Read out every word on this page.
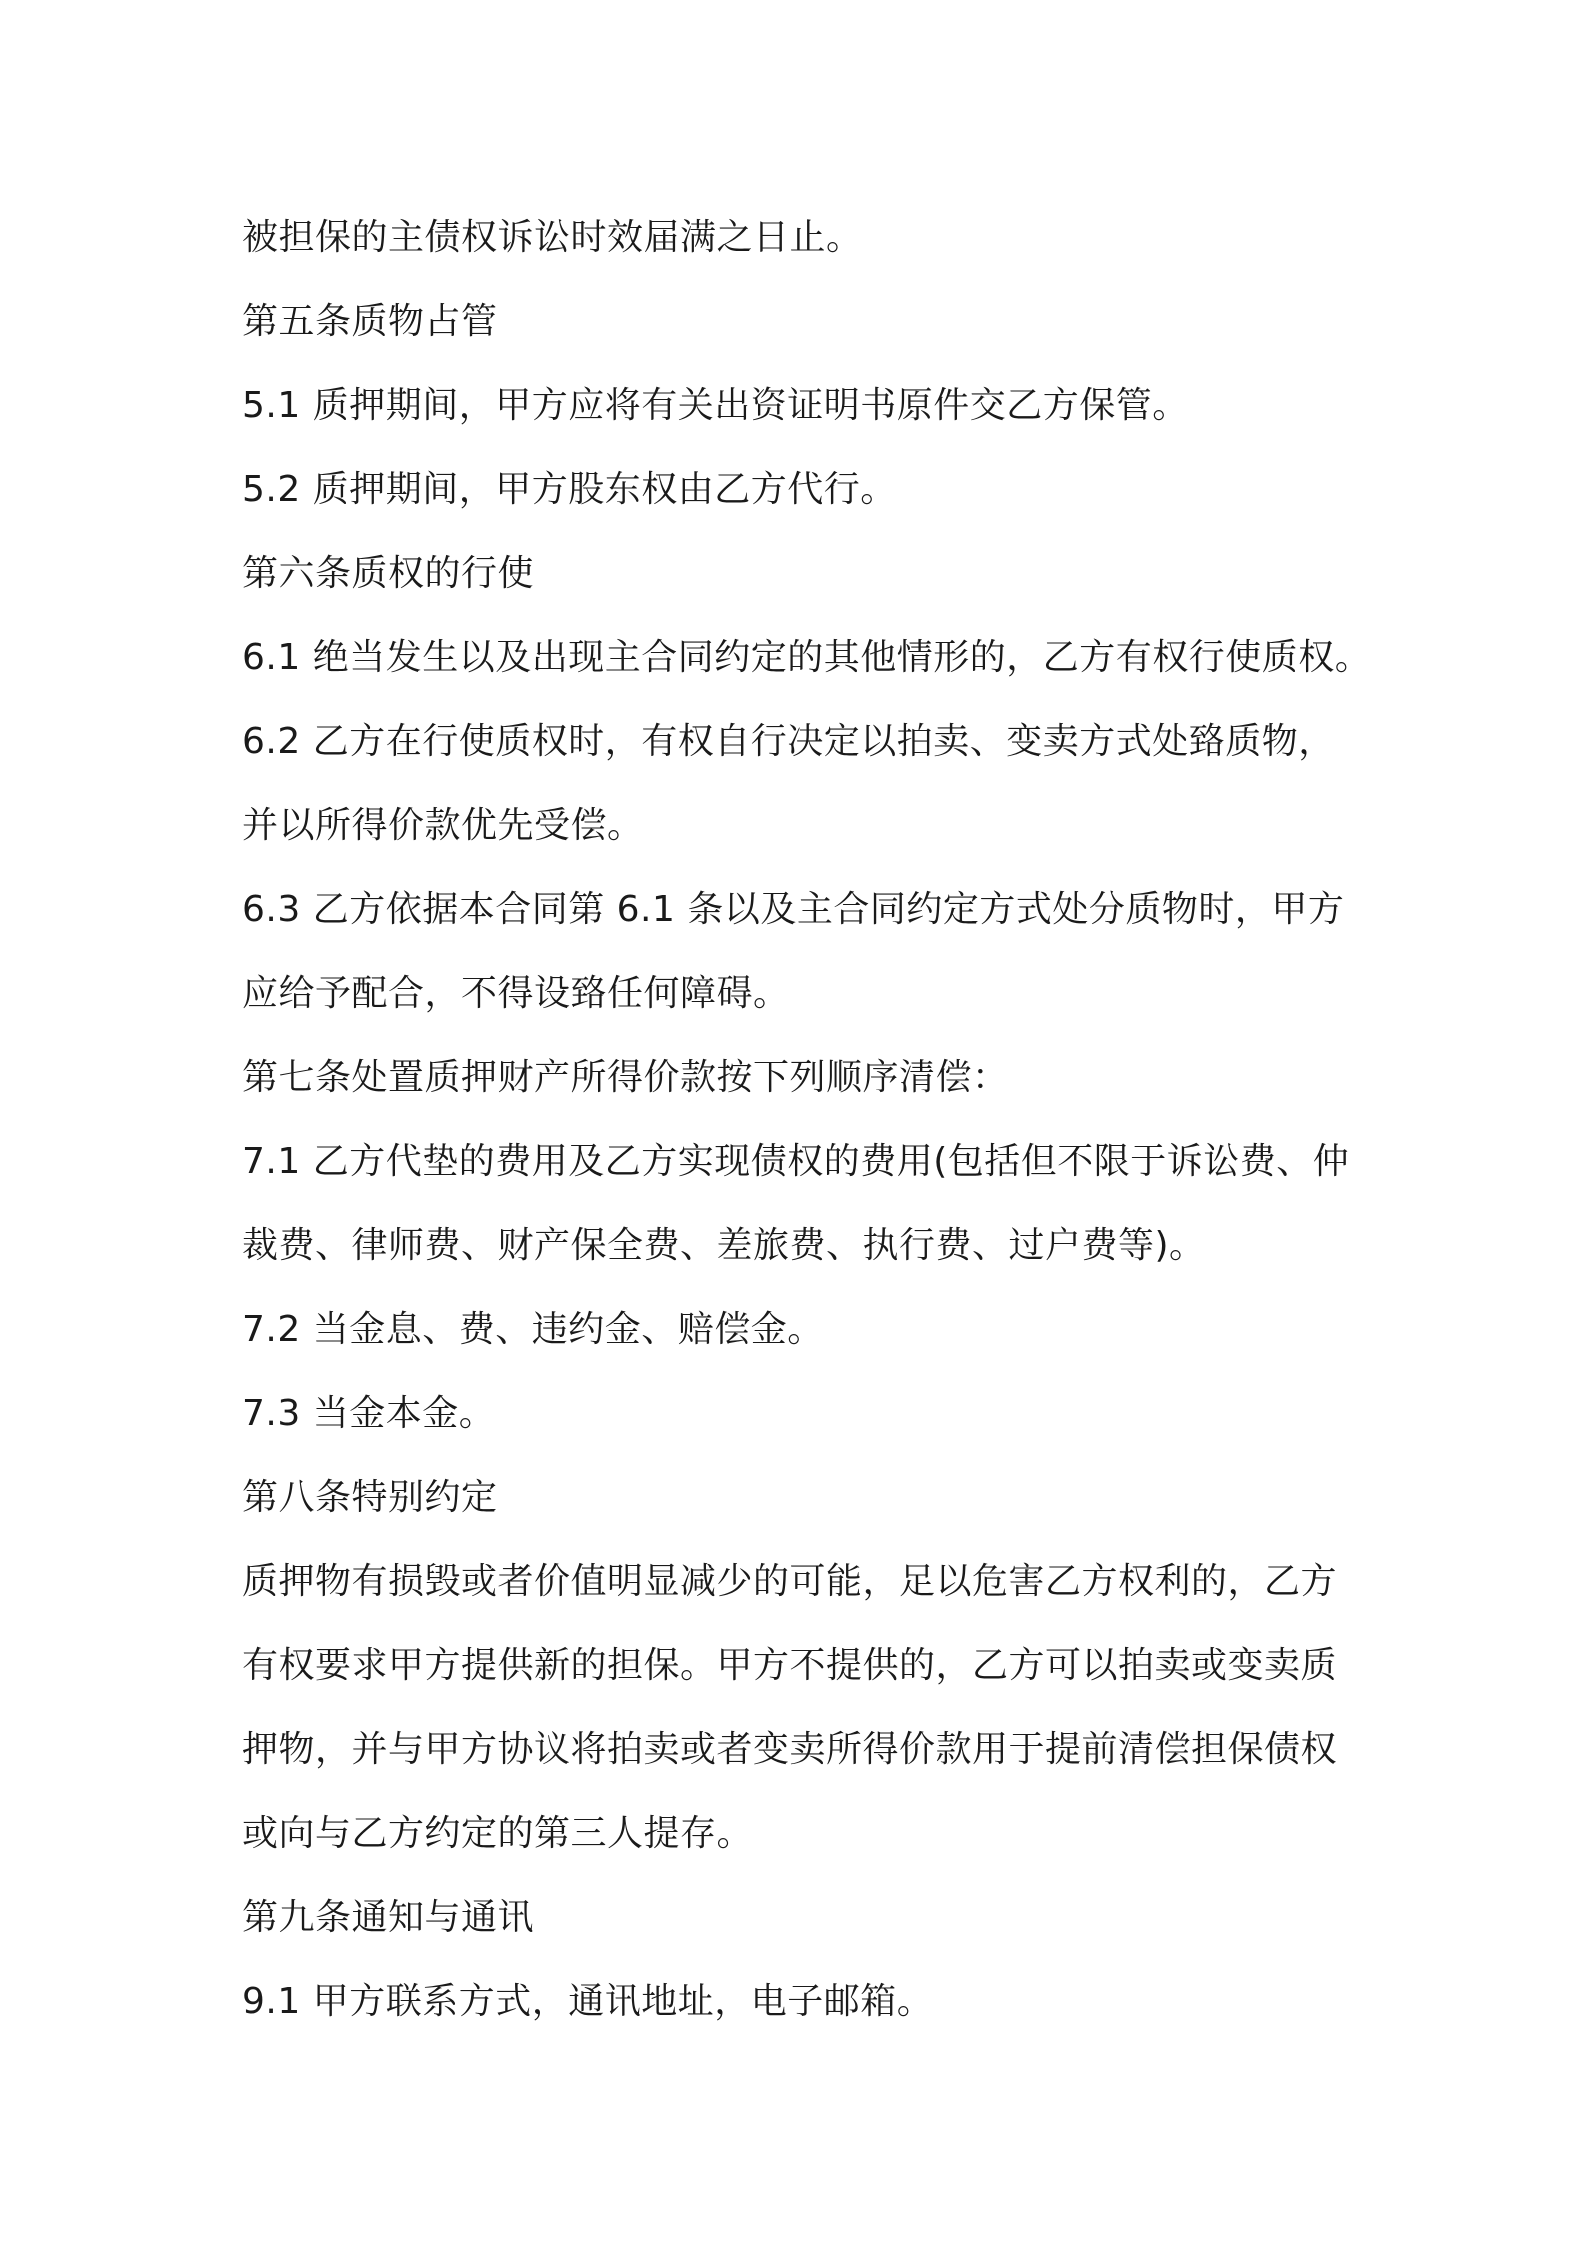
被担保的主债权诉讼时效届满之日止。
第五条质物占管
5.1 质押期间，甲方应将有关出资证明书原件交乙方保管。
5.2 质押期间，甲方股东权由乙方代行。
第六条质权的行使
6.1 绝当发生以及出现主合同约定的其他情形的，乙方有权行使质权。
6.2 乙方在行使质权时，有权自行决定以拍卖、变卖方式处臵质物，
并以所得价款优先受偿。
6.3 乙方依据本合同第 6.1 条以及主合同约定方式处分质物时，甲方
应给予配合，不得设臵任何障碍。
第七条处置质押财产所得价款按下列顺序清偿：
7.1 乙方代垫的费用及乙方实现债权的费用(包括但不限于诉讼费、仲
裁费、律师费、财产保全费、差旅费、执行费、过户费等)。
7.2 当金息、费、违约金、赔偿金。
7.3 当金本金。
第八条特别约定
质押物有损毁或者价值明显减少的可能，足以危害乙方权利的，乙方
有权要求甲方提供新的担保。甲方不提供的，乙方可以拍卖或变卖质
押物，并与甲方协议将拍卖或者变卖所得价款用于提前清偿担保债权
或向与乙方约定的第三人提存。
第九条通知与通讯
9.1 甲方联系方式，通讯地址，电子邮箱。
